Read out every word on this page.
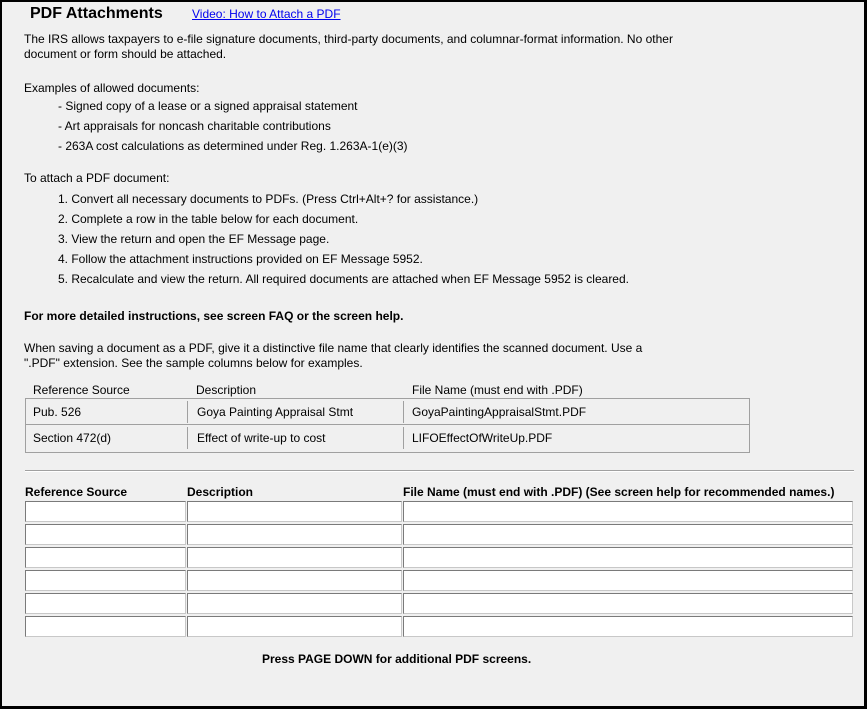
PDF Attachments Video: How to Attach a PDF
The IRS allows taxpayers to e-file signature documents, third-party documents, and columnar-format information. No other
document or form should be attached.
Examples of allowed documents:
- Signed copy of a lease or a signed appraisal statement
- Art appraisals for noncash charitable contributions
- 263A cost calculations as determined under Reg. 1.263A-1(e)(3)
To attach a PDF document:
1. Convert all necessary documents to PDFs. (Press Ctrl+Alt+? for assistance.)
2. Complete a row in the table below for each document.
3. View the return and open the EF Message page.
4. Follow the attachment instructions provided on EF Message 5952.
5. Recalculate and view the return. All required documents are attached when EF Message 5952 is cleared.
For more detailed instructions, see screen FAQ or the screen help.
When saving a document as a PDF, give it a distinctive file name that clearly identifies the scanned document. Use a
".PDF" extension. See the sample columns below for examples.
Reference Source	Description	File Name (must end with .PDF)
Pub. 526	Goya Painting Appraisal Stmt	GoyaPaintingAppraisalStmt.PDF
Section 472(d)	Effect of write-up to cost	LIFOEffectOfWriteUp.PDF
Reference Source	Description	File Name (must end with .PDF) (See screen help for recommended names.)
Press PAGE DOWN for additional PDF screens.
